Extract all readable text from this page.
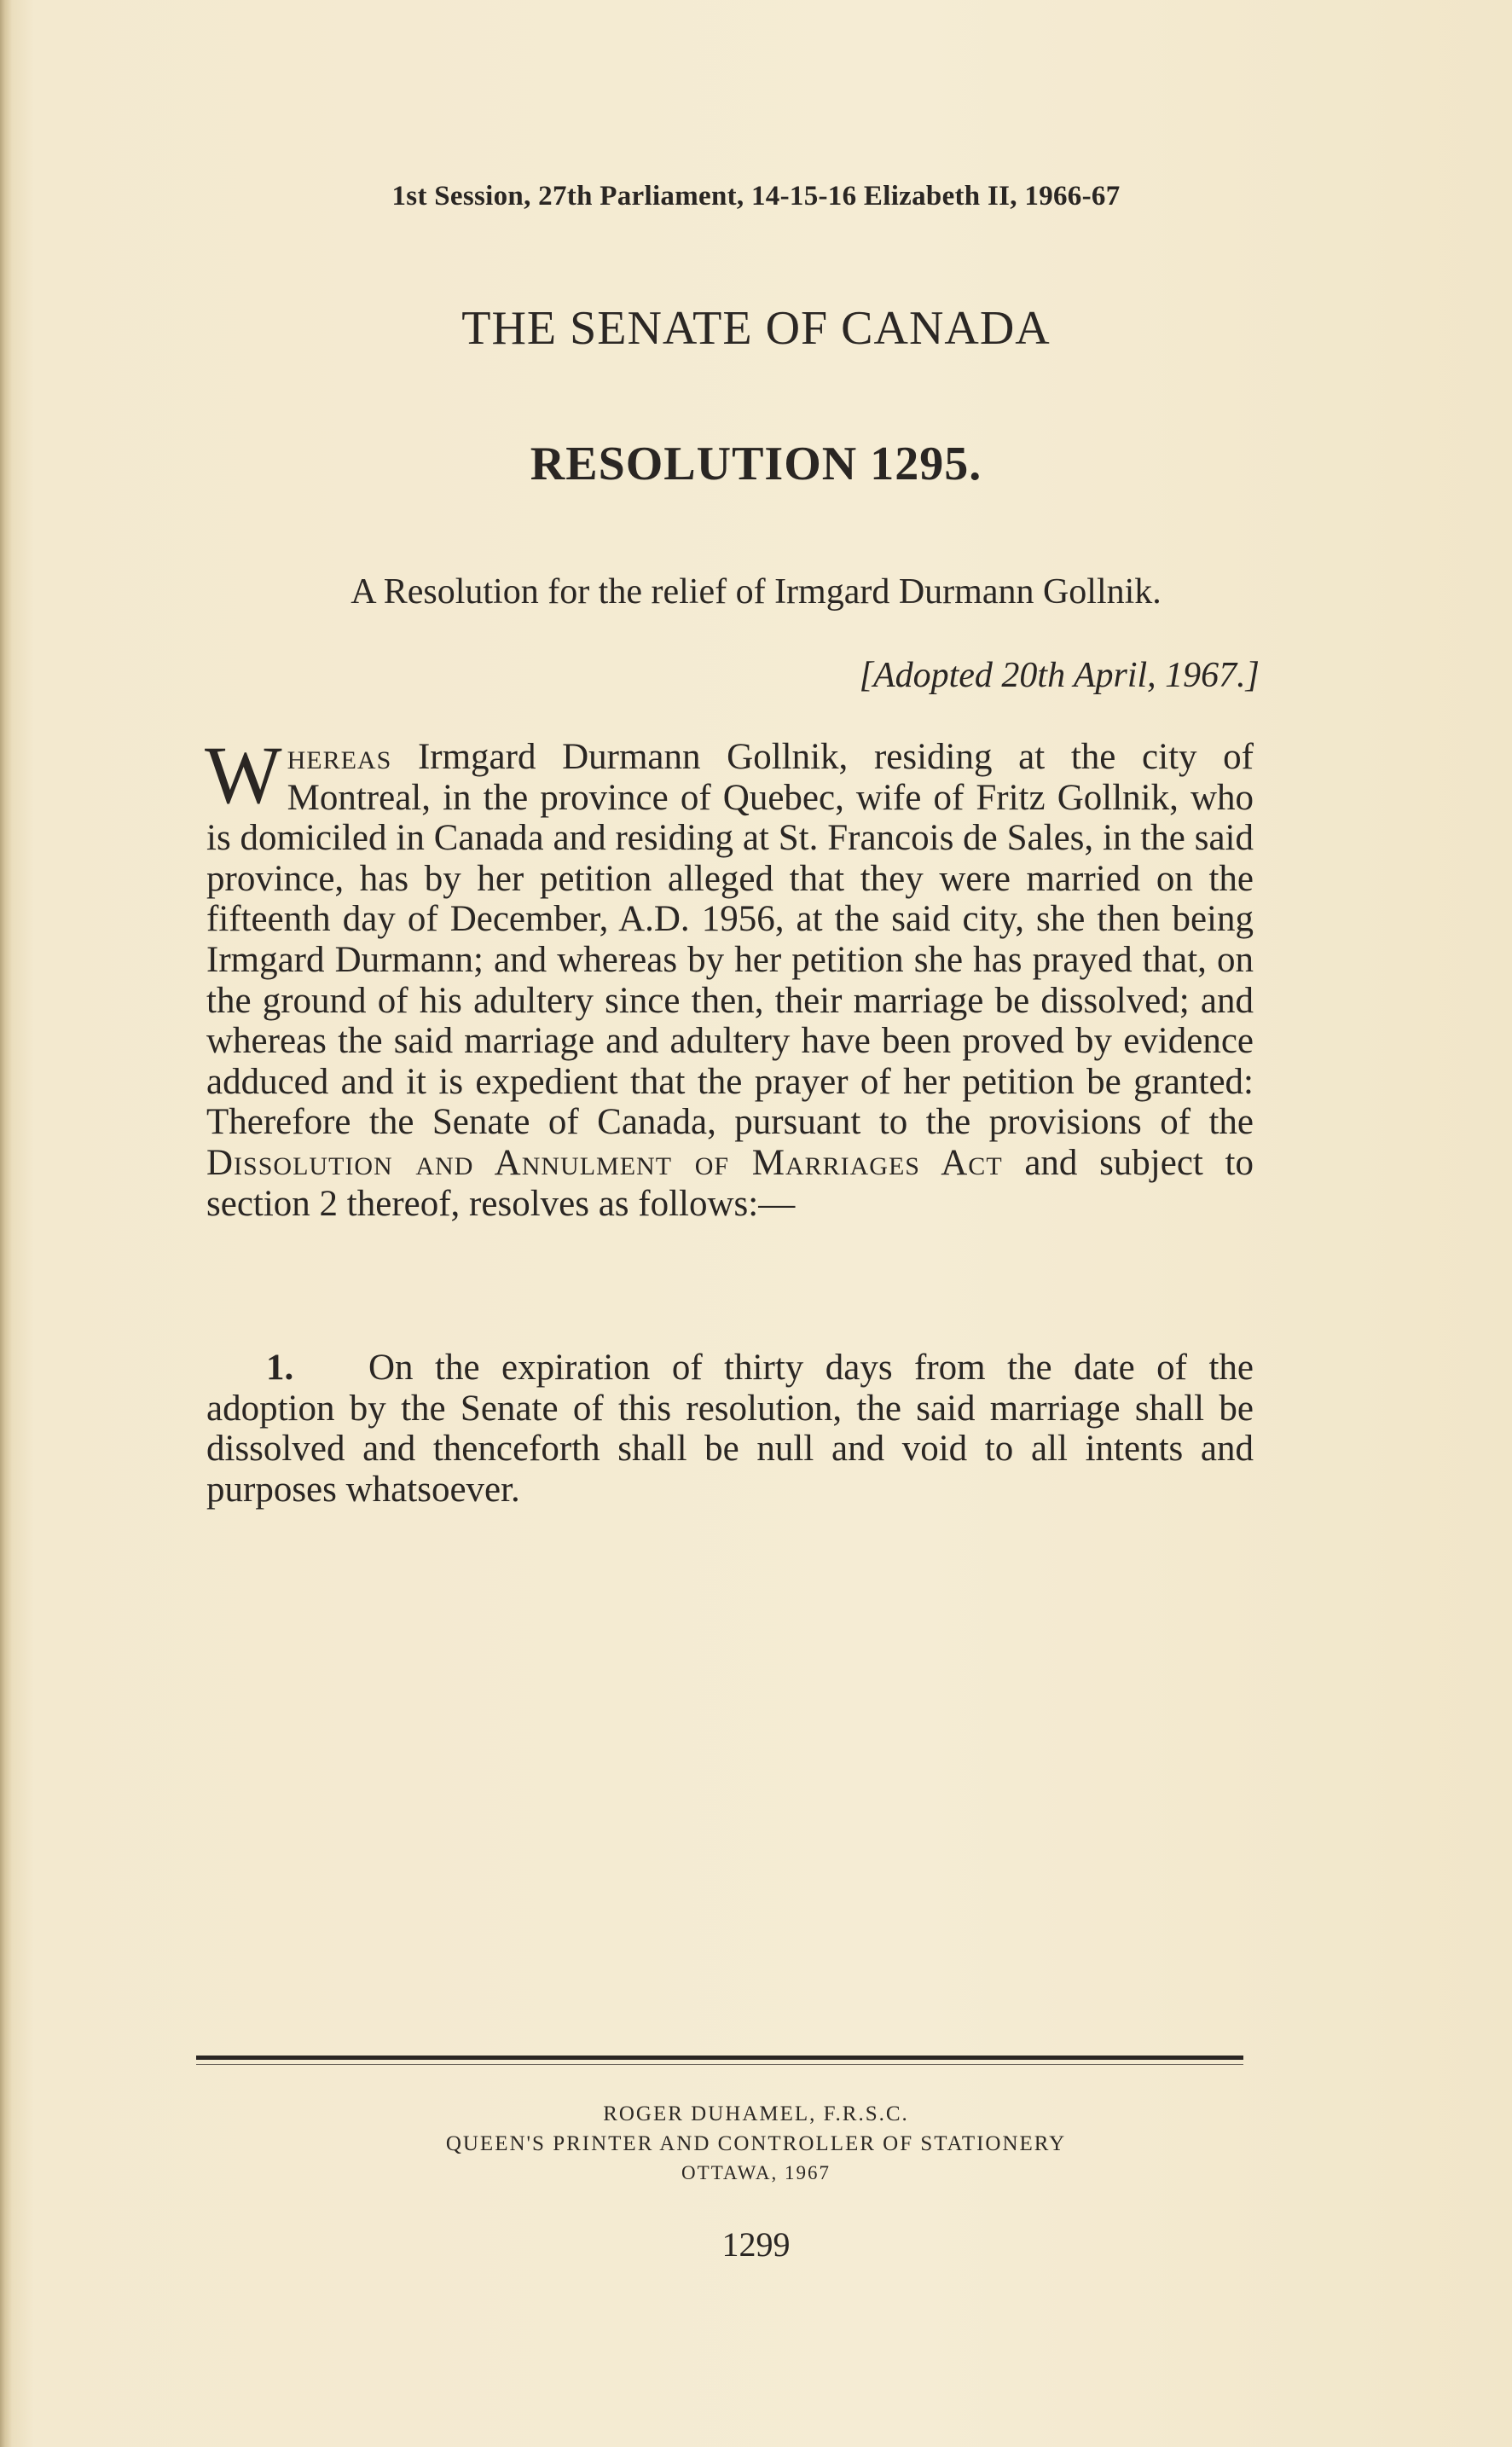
1st Session, 27th Parliament, 14-15-16 Elizabeth II, 1966-67
THE SENATE OF CANADA
RESOLUTION 1295.
A Resolution for the relief of Irmgard Durmann Gollnik.
[Adopted 20th April, 1967.]

Whereas Irmgard Durmann Gollnik, residing at the city of Montreal, in the province of Quebec, wife of Fritz Gollnik, who is domiciled in Canada and residing at St. Francois de Sales, in the said province, has by her petition alleged that they were married on the fifteenth day of December, A.D. 1956, at the said city, she then being Irmgard Durmann; and whereas by her petition she has prayed that, on the ground of his adultery since then, their marriage be dissolved; and whereas the said marriage and adultery have been proved by evidence adduced and it is expedient that the prayer of her petition be granted: Therefore the Senate of Canada, pursuant to the provisions of the Dissolution and Annulment of Marriages Act and subject to section 2 thereof, resolves as follows:—

1. On the expiration of thirty days from the date of the adoption by the Senate of this resolution, the said marriage shall be dissolved and thenceforth shall be null and void to all intents and purposes whatsoever.
ROGER DUHAMEL, F.R.S.C.
QUEEN'S PRINTER AND CONTROLLER OF STATIONERY
OTTAWA, 1967
1299
